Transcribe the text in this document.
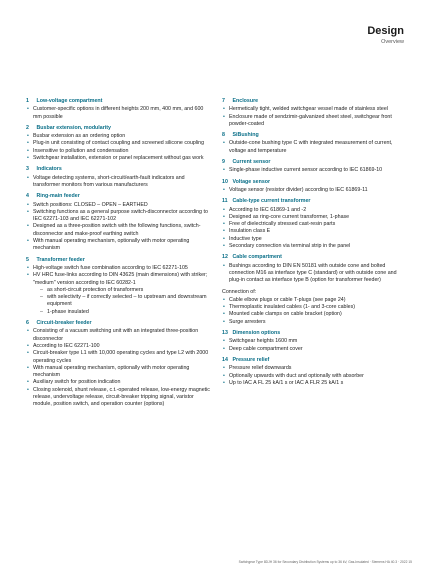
Design
Overview
1 Low-voltage compartment
• Customer-specific options in different heights 200 mm, 400 mm, and 600 mm possible
2 Busbar extension, modularity
• Busbar extension as an ordering option
• Plug-in unit consisting of contact coupling and screened silicone coupling
• Insensitive to pollution and condensation
• Switchgear installation, extension or panel replacement without gas work
3 Indicators
• Voltage detecting systems, short-circuit/earth-fault indicators and transformer monitors from various manufacturers
4 Ring-main feeder
• Switch positions: CLOSED – OPEN – EARTHED
• Switching functions as a general purpose switch-disconnector according to IEC 62271-103 and IEC 62271-102
• Designed as a three-position switch with the following functions, switch-disconnector and make-proof earthing switch
• With manual operating mechanism, optionally with motor operating mechanism
5 Transformer feeder
• High-voltage switch fuse combination according to IEC 62271-105
• HV HRC fuse-links according to DIN 43625 (main dimensions) with striker; "medium" version according to IEC 60282-1
– as short-circuit protection of transformers
– with selectivity – if correctly selected – to upstream and downstream equipment
– 1-phase insulated
6 Circuit-breaker feeder
• Consisting of a vacuum switching unit with an integrated three-position disconnector
• According to IEC 62271-100
• Circuit-breaker type L1 with 10,000 operating cycles and type L2 with 2000 operating cycles
• With manual operating mechanism, optionally with motor operating mechanism
• Auxiliary switch for position indication
• Closing solenoid, shunt release, c.t.-operated release, low-energy magnetic release, undervoltage release, circuit-breaker tripping signal, varistor module, position switch, and operation counter (options)
7 Enclosure
• Hermetically tight, welded switchgear vessel made of stainless steel
• Enclosure made of sendzimir-galvanized sheet steel, switchgear front powder-coated
8 SiBushing
• Outside-cone bushing type C with integrated measurement of current, voltage and temperature
9 Current sensor
• Single-phase inductive current sensor according to IEC 61869-10
10 Voltage sensor
• Voltage sensor (resistor divider) according to IEC 61869-11
11 Cable-type current transformer
• According to IEC 61869-1 and -2
• Designed as ring-core current transformer, 1-phase
• Free of dielectrically stressed cast-resin parts
• Insulation class E
• Inductive type
• Secondary connection via terminal strip in the panel
12 Cable compartment
• Bushings according to DIN EN 50181 with outside cone and bolted connection M16 as interface type C (standard) or with outside cone and plug-in contact as interface type B (option for transformer feeder)
Connection of:
• Cable elbow plugs or cable T-plugs (see page 24)
• Thermoplastic insulated cables (1- and 3-core cables)
• Mounted cable clamps on cable bracket (option)
• Surge arresters
13 Dimension options
• Switchgear heights 1600 mm
• Deep cable compartment cover
14 Pressure relief
• Pressure relief downwards
• Optionally upwards with duct and optionally with absorber
• Up to IAC A FL 25 kA/1 s or IAC A FLR 25 kA/1 s
Switchgear Type 8DJH 36 for Secondary Distribution Systems up to 36 kV, Gas-Insulated · Siemens HA 40.3 · 2022 15
